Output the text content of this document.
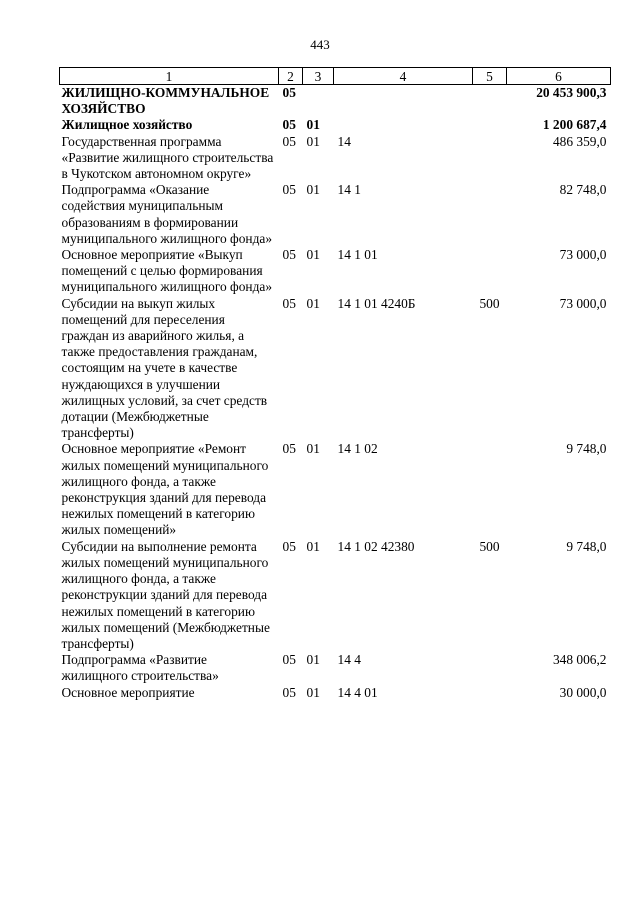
443
1	2	3	4	5	6
ЖИЛИЩНО-КОММУНАЛЬНОЕ ХОЗЯЙСТВО	05				20 453 900,3
Жилищное хозяйство	05	01			1 200 687,4
Государственная программа «Развитие жилищного строительства в Чукотском автономном округе»	05	01	14		486 359,0
Подпрограмма «Оказание содействия муниципальным образованиям в формировании муниципального жилищного фонда»	05	01	14 1		82 748,0
Основное мероприятие «Выкуп помещений с целью формирования муниципального жилищного фонда»	05	01	14 1 01		73 000,0
Субсидии на выкуп жилых помещений для переселения граждан из аварийного жилья, а также предоставления гражданам, состоящим на учете в качестве нуждающихся в улучшении жилищных условий, за счет средств дотации (Межбюджетные трансферты)	05	01	14 1 01 4240Б	500	73 000,0
Основное мероприятие «Ремонт жилых помещений муниципального жилищного фонда, а также реконструкция зданий для перевода нежилых помещений в категорию жилых помещений»	05	01	14 1 02		9 748,0
Субсидии на выполнение ремонта жилых помещений муниципального жилищного фонда, а также реконструкции зданий для перевода нежилых помещений в категорию жилых помещений (Межбюджетные трансферты)	05	01	14 1 02 42380	500	9 748,0
Подпрограмма «Развитие жилищного строительства»	05	01	14 4		348 006,2
Основное мероприятие	05	01	14 4 01		30 000,0
